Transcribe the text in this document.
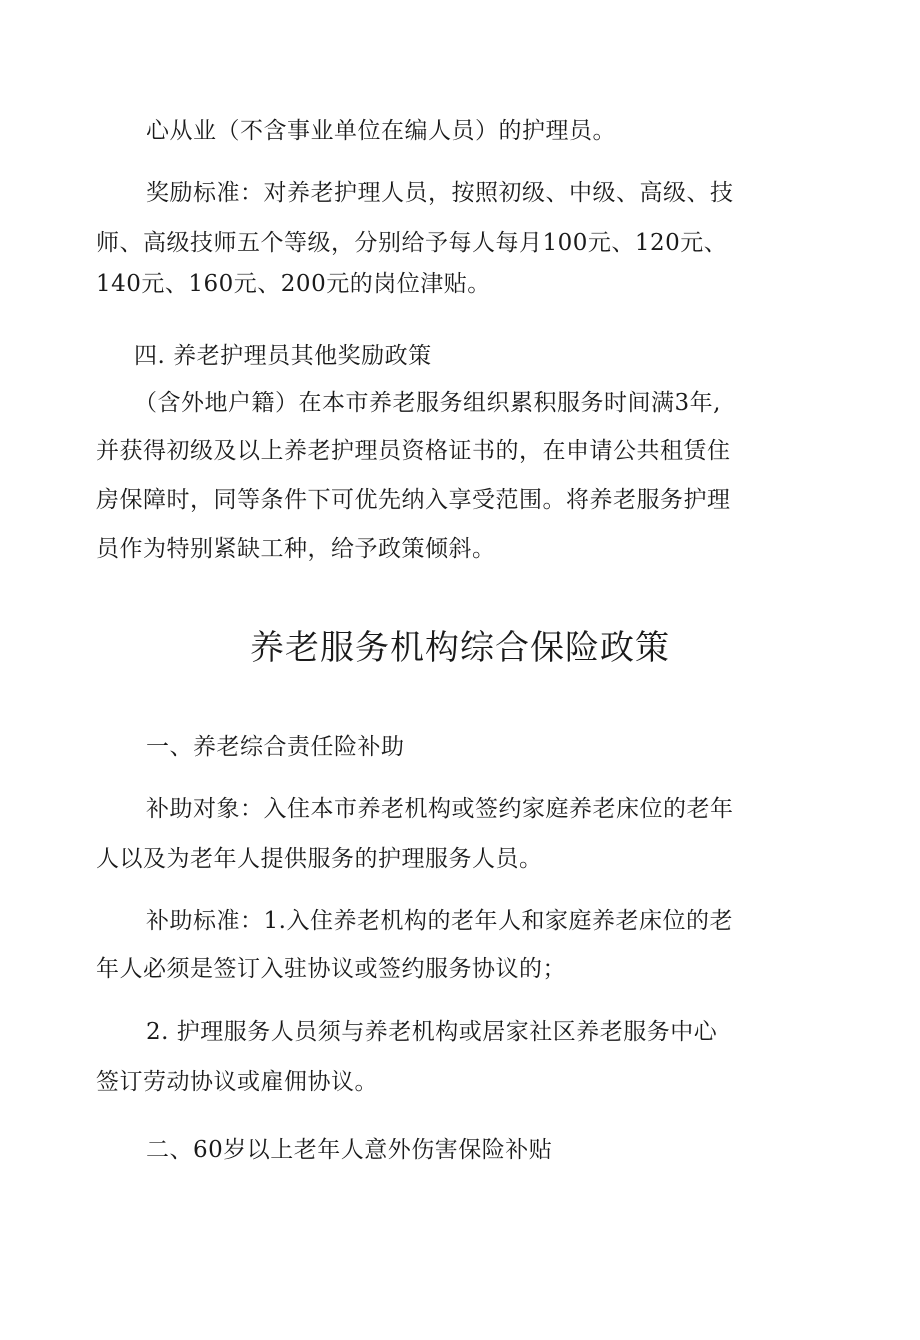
心从业（不含事业单位在编人员）的护理员。
奖励标准：对养老护理人员，按照初级、中级、高级、技
师、高级技师五个等级，分别给予每人每月100元、120元、
140元、160元、200元的岗位津贴。
四. 养老护理员其他奖励政策
（含外地户籍）在本市养老服务组织累积服务时间满3年,
并获得初级及以上养老护理员资格证书的，在申请公共租赁住
房保障时，同等条件下可优先纳入享受范围。将养老服务护理
员作为特别紧缺工种，给予政策倾斜。
养老服务机构综合保险政策
一、养老综合责任险补助
补助对象：入住本市养老机构或签约家庭养老床位的老年
人以及为老年人提供服务的护理服务人员。
补助标准：1.入住养老机构的老年人和家庭养老床位的老
年人必须是签订入驻协议或签约服务协议的；
2. 护理服务人员须与养老机构或居家社区养老服务中心
签订劳动协议或雇佣协议。
二、60岁以上老年人意外伤害保险补贴
